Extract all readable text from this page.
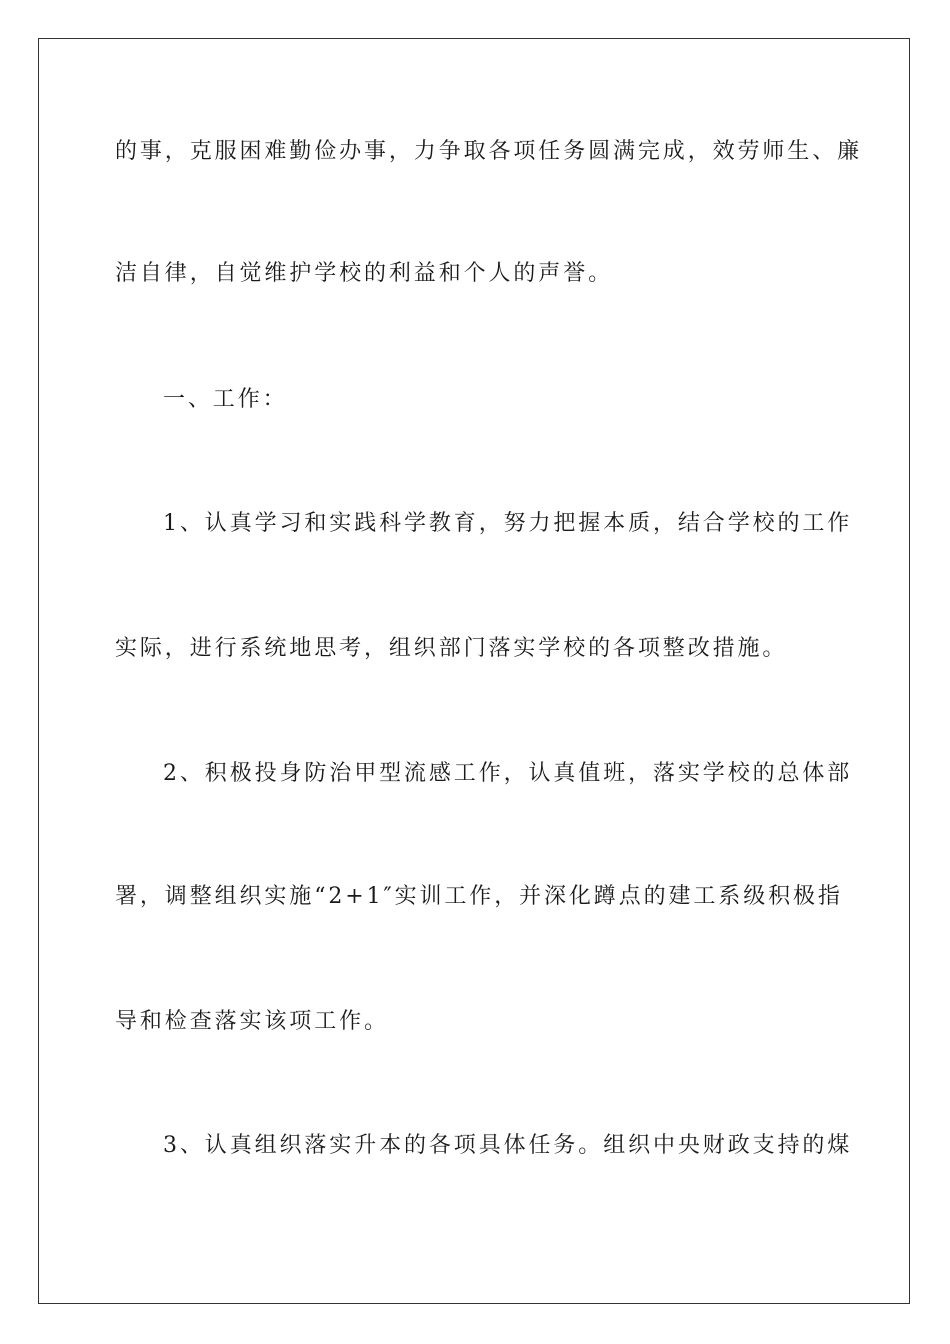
的事，克服困难勤俭办事，力争取各项任务圆满完成，效劳师生、廉
洁自律，自觉维护学校的利益和个人的声誉。
一、工作：
1、认真学习和实践科学教育，努力把握本质，结合学校的工作
实际，进行系统地思考，组织部门落实学校的各项整改措施。
2、积极投身防治甲型流感工作，认真值班，落实学校的总体部
署，调整组织实施“2+1″实训工作，并深化蹲点的建工系级积极指
导和检查落实该项工作。
3、认真组织落实升本的各项具体任务。组织中央财政支持的煤
